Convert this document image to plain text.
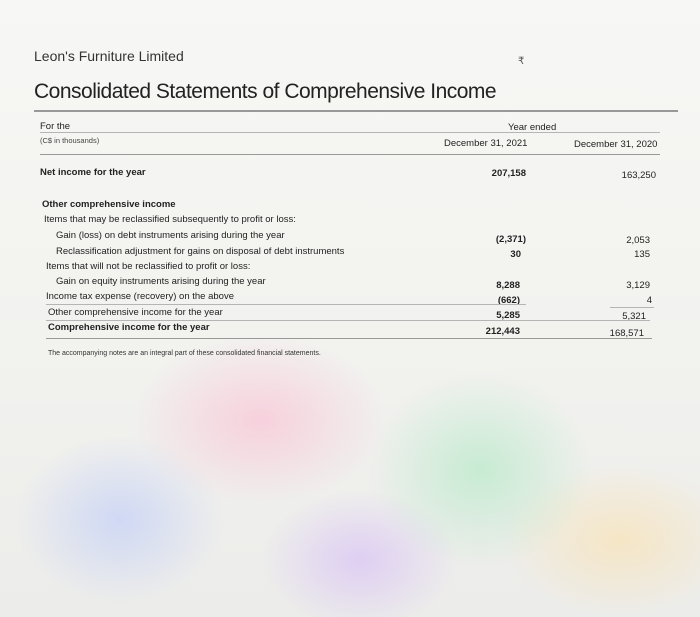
₹
Leon's Furniture Limited
Consolidated Statements of Comprehensive Income
For the
(C$ in thousands)
Year ended
December 31, 2021	December 31, 2020
Net income for the year	207,158	163,250
Other comprehensive income
Items that may be reclassified subsequently to profit or loss:
Gain (loss) on debt instruments arising during the year	(2,371)	2,053
Reclassification adjustment for gains on disposal of debt instruments	30	135
Items that will not be reclassified to profit or loss:
Gain on equity instruments arising during the year	8,288	3,129
Income tax expense (recovery) on the above	(662)	4
Other comprehensive income for the year	5,285	5,321
Comprehensive income for the year	212,443	168,571
The accompanying notes are an integral part of these consolidated financial statements.
